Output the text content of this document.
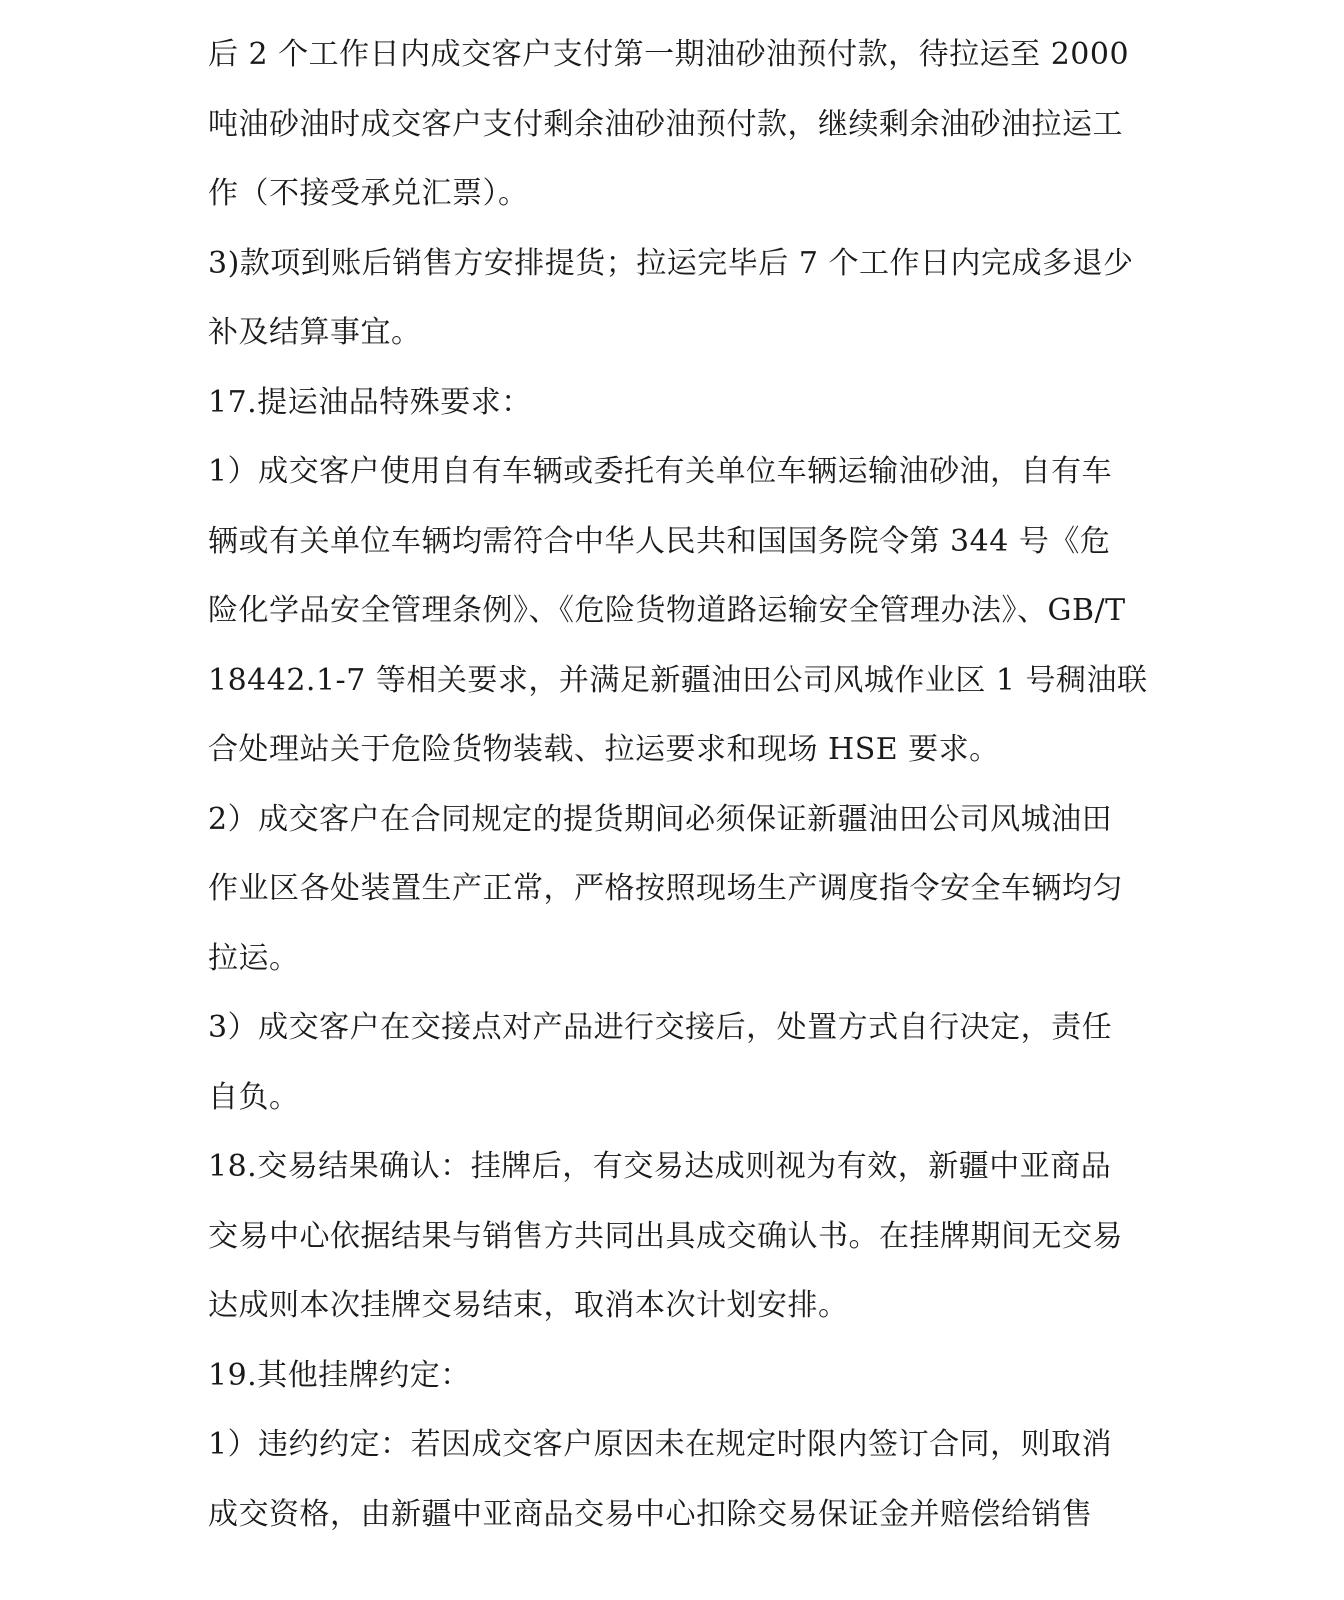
后 2 个工作日内成交客户支付第一期油砂油预付款，待拉运至 2000
吨油砂油时成交客户支付剩余油砂油预付款，继续剩余油砂油拉运工
作（不接受承兑汇票）。
3)款项到账后销售方安排提货；拉运完毕后 7 个工作日内完成多退少
补及结算事宜。
17.提运油品特殊要求：
1）成交客户使用自有车辆或委托有关单位车辆运输油砂油，自有车
辆或有关单位车辆均需符合中华人民共和国国务院令第 344 号《危
险化学品安全管理条例》、《危险货物道路运输安全管理办法》、GB/T
18442.1-7 等相关要求，并满足新疆油田公司风城作业区 1 号稠油联
合处理站关于危险货物装载、拉运要求和现场 HSE 要求。
2）成交客户在合同规定的提货期间必须保证新疆油田公司风城油田
作业区各处装置生产正常，严格按照现场生产调度指令安全车辆均匀
拉运。
3）成交客户在交接点对产品进行交接后，处置方式自行决定，责任
自负。
18.交易结果确认：挂牌后，有交易达成则视为有效，新疆中亚商品
交易中心依据结果与销售方共同出具成交确认书。在挂牌期间无交易
达成则本次挂牌交易结束，取消本次计划安排。
19.其他挂牌约定：
1）违约约定：若因成交客户原因未在规定时限内签订合同，则取消
成交资格，由新疆中亚商品交易中心扣除交易保证金并赔偿给销售
